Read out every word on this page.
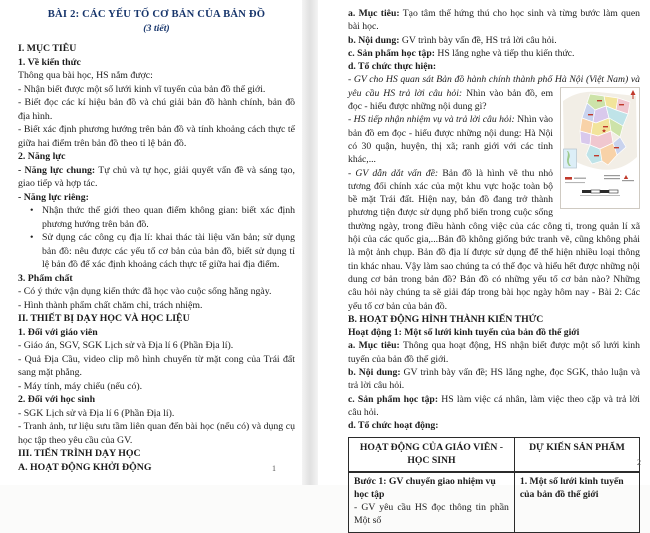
BÀI 2: CÁC YẾU TỐ CƠ BẢN CỦA BẢN ĐỒ
(3 tiết)

I. MỤC TIÊU

1. Về kiến thức

Thông qua bài học, HS nắm được:

- Nhận biết được một số lưới kinh vĩ tuyến của bản đồ thế giới.

- Biết đọc các kí hiệu bản đồ và chú giải bản đồ hành chính, bản đồ địa hình.

- Biết xác định phương hướng trên bản đồ và tính khoảng cách thực tế giữa hai điểm trên bản đồ theo tỉ lệ bản đồ.

2. Năng lực

- Năng lực chung: Tự chủ và tự học, giải quyết vấn đề và sáng tạo, giao tiếp và hợp tác.

- Năng lực riêng:

• Nhận thức thế giới theo quan điểm không gian: biết xác định phương hướng trên bản đồ.

• Sử dụng các công cụ địa lí: khai thác tài liệu văn bản; sử dụng bản đồ: nêu được các yếu tố cơ bản của bản đồ, biết sử dụng tỉ lệ bản đồ để xác định khoảng cách thực tế giữa hai địa điểm.

3. Phẩm chất

- Có ý thức vận dụng kiến thức đã học vào cuộc sống hằng ngày.

- Hình thành phẩm chất chăm chỉ, trách nhiệm.

II. THIẾT BỊ DẠY HỌC VÀ HỌC LIỆU

1. Đối với giáo viên

- Giáo án, SGV, SGK Lịch sử và Địa lí 6 (Phần Địa lí).

- Quả Địa Cầu, video clip mô hình chuyển từ mặt cong của Trái đất sang mặt phẳng.

- Máy tính, máy chiếu (nếu có).

2. Đối với học sinh

- SGK Lịch sử và Địa lí 6 (Phần Địa lí).

- Tranh ảnh, tư liệu sưu tầm liên quan đến bài học (nếu có) và dụng cụ học tập theo yêu cầu của GV.

III. TIẾN TRÌNH DẠY HỌC

A. HOẠT ĐỘNG KHỞI ĐỘNG	1

a. Mục tiêu: Tạo tâm thế hứng thú cho học sinh và từng bước làm quen bài học.

b. Nội dung: GV trình bày vấn đề, HS trả lời câu hỏi.

c. Sản phẩm học tập: HS lắng nghe và tiếp thu kiến thức.

d. Tổ chức thực hiện:

- GV cho HS quan sát Bản đồ hành chính thành phố Hà Nội (Việt Nam) và yêu cầu HS trả lời câu hỏi:
Nhìn vào bản đồ, em đọc - hiểu được những nội dung gì?

- HS tiếp nhận nhiệm vụ và trả lời câu hỏi: Nhìn vào bản đồ em đọc - hiểu được những nội dung: Hà Nội có 30 quận, huyện, thị xã; ranh giới với các tỉnh khác,...

- GV dẫn dắt vấn đề: Bản đồ là hình vẽ thu nhỏ tương đối chính xác của một khu vực hoặc toàn bộ bề mặt Trái đất. Hiện nay, bản đồ đang trở thành phương tiện được sử dụng phổ biến trong cuộc sống thường ngày, trong điều hành công việc của các công ti, trong quản lí xã hội của các quốc gia,...Bản đồ không giống bức tranh vẽ, cũng không phải là một ảnh chụp. Bản đồ địa lí được sử dụng để thể hiện nhiều loại thông tin khác nhau. Vậy làm sao chúng ta có thể đọc và hiểu hết được những nội dung cơ bản trong bản đồ? Bản đồ có những yếu tố cơ bản nào? Những câu hỏi này chúng ta sẽ giải đáp trong bài học ngày hôm nay - Bài 2: Các yếu tố cơ bản của bản đồ.

B. HOẠT ĐỘNG HÌNH THÀNH KIẾN THỨC

Hoạt động 1: Một số lưới kinh tuyến của bản đồ thế giới

a. Mục tiêu: Thông qua hoạt động, HS nhận biết được một số lưới kinh tuyến của bản đồ thế giới.

b. Nội dung: GV trình bày vấn đề; HS lắng nghe, đọc SGK, thảo luận và trả lời câu hỏi.

c. Sản phẩm học tập: HS làm việc cá nhân, làm việc theo cặp và trả lời câu hỏi.

d. Tổ chức hoạt động:

HOẠT ĐỘNG CỦA GIÁO VIÊN - HỌC SINH	DỰ KIẾN SẢN PHẨM

Bước 1: GV chuyển giao nhiệm vụ học tập

- GV yêu cầu HS đọc thông tin phần Một số	1. Một số lưới kinh tuyến của bản đồ thế giới

2
